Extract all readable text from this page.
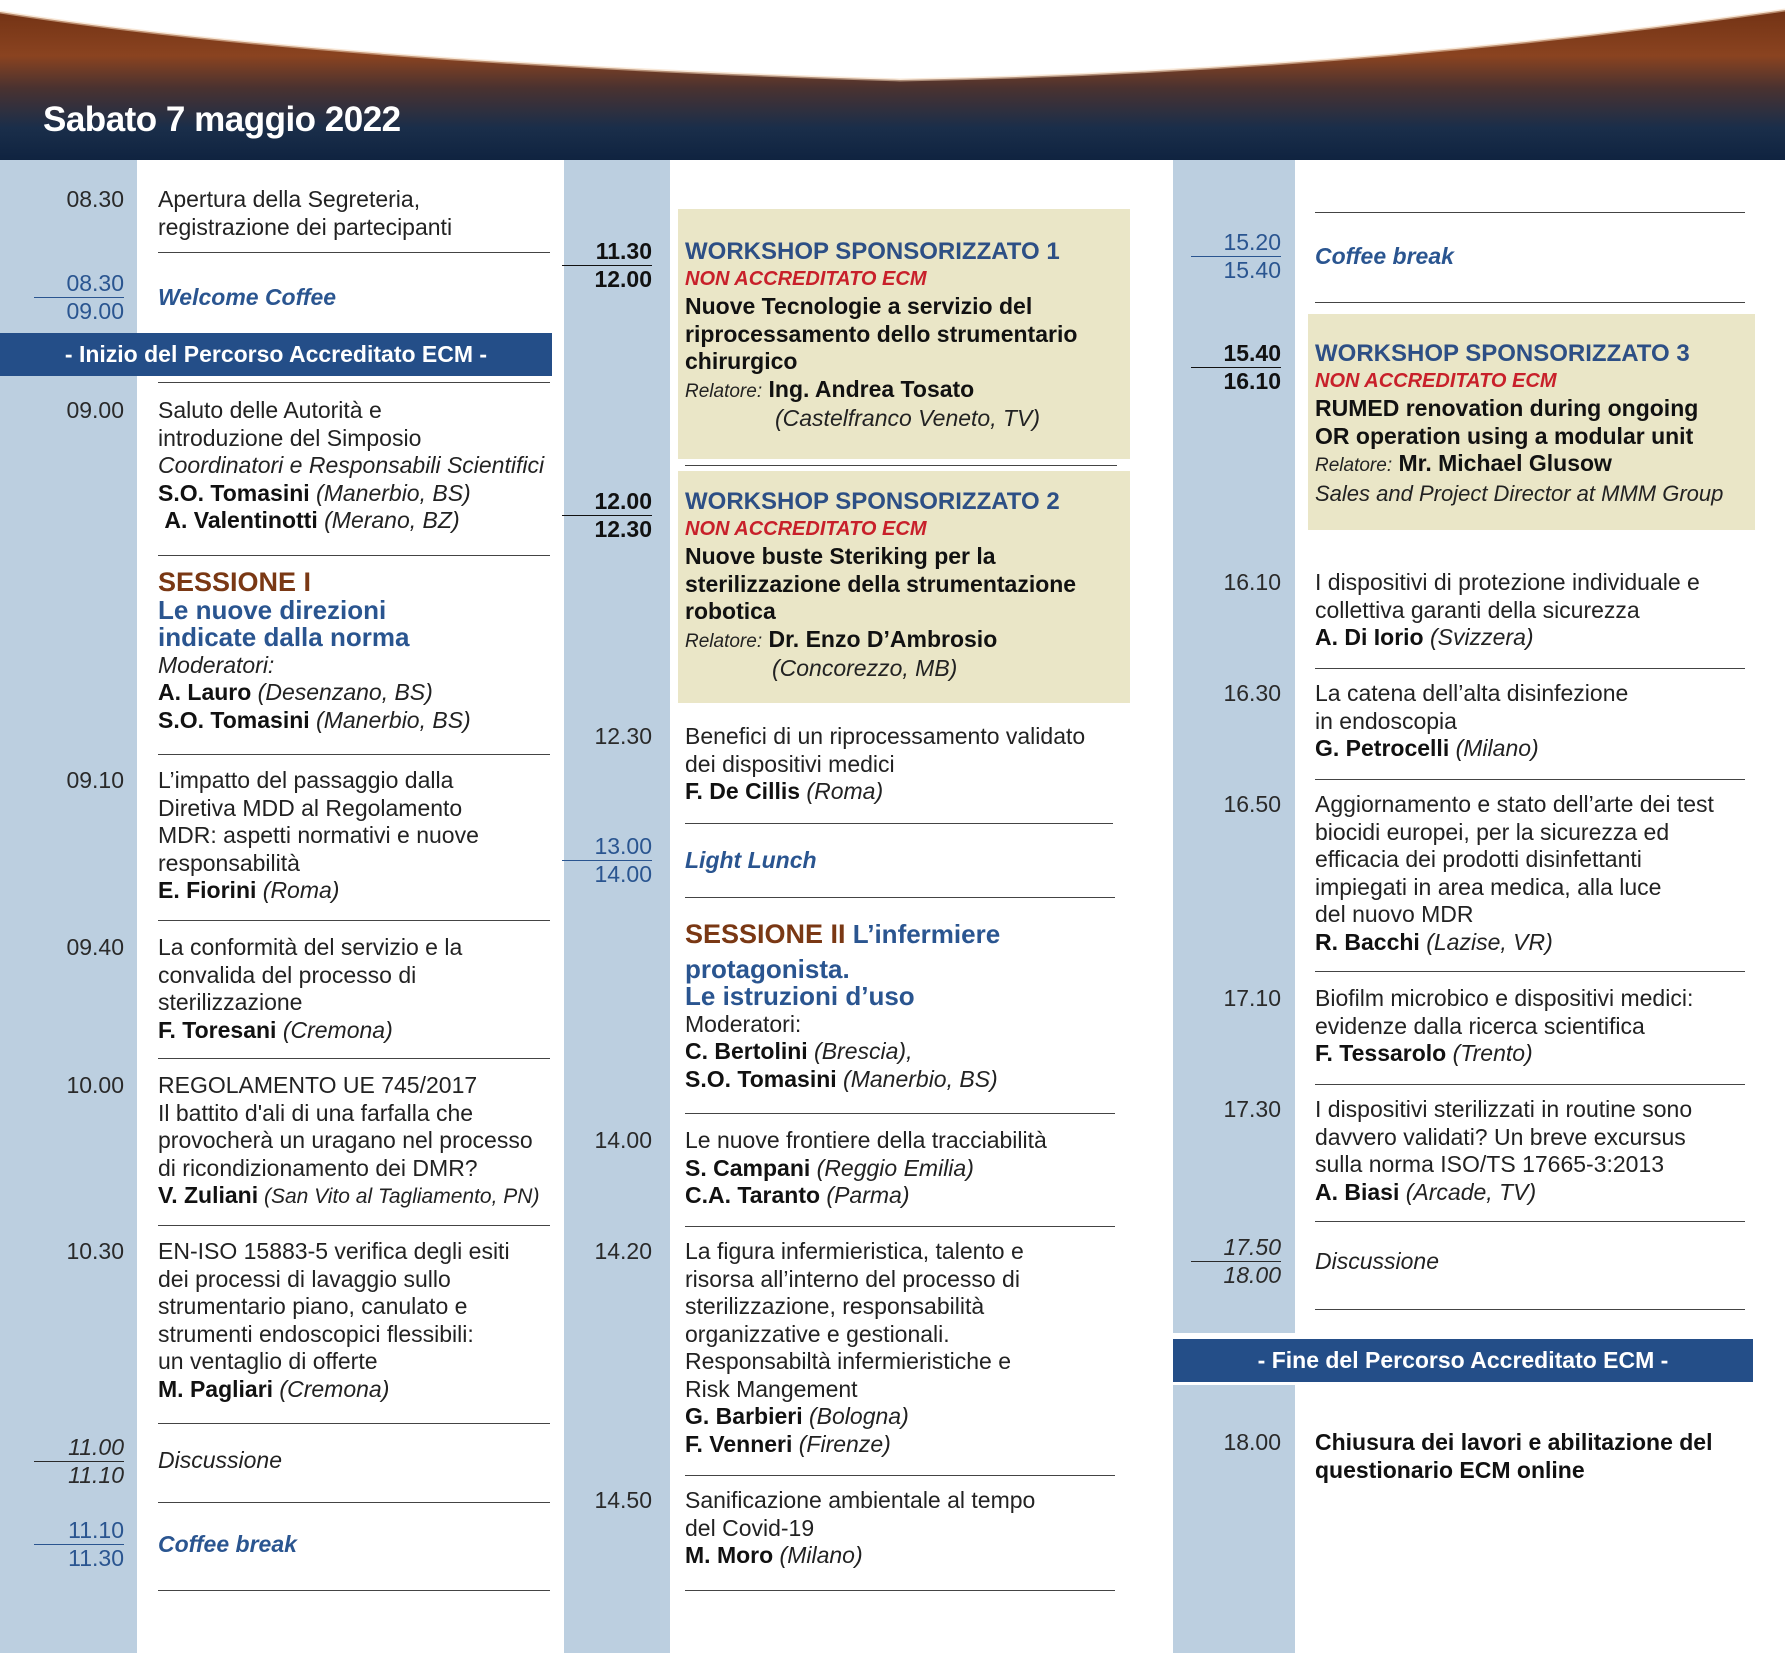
Sabato 7 maggio 2022
08.30 Apertura della Segreteria,
registrazione dei partecipanti
08.30
09.00
Welcome Coffee
- Inizio del Percorso Accreditato ECM -
09.00 Saluto delle Autorità e
introduzione del Simposio
Coordinatori e Responsabili Scientifici
S.O. Tomasini (Manerbio, BS)
A. Valentinotti (Merano, BZ)
SESSIONE I
Le nuove direzioni
indicate dalla norma
Moderatori:
A. Lauro (Desenzano, BS)
S.O. Tomasini (Manerbio, BS)
09.10 L’impatto del passaggio dalla
Diretiva MDD al Regolamento
MDR: aspetti normativi e nuove
responsabilità
E. Fiorini (Roma)
09.40 La conformità del servizio e la
convalida del processo di
sterilizzazione
F. Toresani (Cremona)
10.00 REGOLAMENTO UE 745/2017
Il battito d'ali di una farfalla che
provocherà un uragano nel processo
di ricondizionamento dei DMR?
V. Zuliani (San Vito al Tagliamento, PN)
10.30 EN-ISO 15883-5 verifica degli esiti
dei processi di lavaggio sullo
strumentario piano, canulato e
strumenti endoscopici flessibili:
un ventaglio di offerte
M. Pagliari (Cremona)
11.00
11.10
Discussione
11.10
11.30
Coffee break
11.30
12.00
WORKSHOP SPONSORIZZATO 1
NON ACCREDITATO ECM
Nuove Tecnologie a servizio del
riprocessamento dello strumentario
chirurgico
Relatore: Ing. Andrea Tosato
(Castelfranco Veneto, TV)
12.00
12.30
WORKSHOP SPONSORIZZATO 2
NON ACCREDITATO ECM
Nuove buste Steriking per la
sterilizzazione della strumentazione
robotica
Relatore: Dr. Enzo D’Ambrosio
(Concorezzo, MB)
12.30 Benefici di un riprocessamento validato
dei dispositivi medici
F. De Cillis (Roma)
13.00
14.00
Light Lunch
SESSIONE II L’infermiere
protagonista.
Le istruzioni d’uso
Moderatori:
C. Bertolini (Brescia),
S.O. Tomasini (Manerbio, BS)
14.00 Le nuove frontiere della tracciabilità
S. Campani (Reggio Emilia)
C.A. Taranto (Parma)
14.20 La figura infermieristica, talento e
risorsa all’interno del processo di
sterilizzazione, responsabilità
organizzative e gestionali.
Responsabiltà infermieristiche e
Risk Mangement
G. Barbieri (Bologna)
F. Venneri (Firenze)
14.50 Sanificazione ambientale al tempo
del Covid-19
M. Moro (Milano)
15.20
15.40
Coffee break
15.40
16.10
WORKSHOP SPONSORIZZATO 3
NON ACCREDITATO ECM
RUMED renovation during ongoing
OR operation using a modular unit
Relatore: Mr. Michael Glusow
Sales and Project Director at MMM Group
16.10 I dispositivi di protezione individuale e
collettiva garanti della sicurezza
A. Di Iorio (Svizzera)
16.30 La catena dell’alta disinfezione
in endoscopia
G. Petrocelli (Milano)
16.50 Aggiornamento e stato dell’arte dei test
biocidi europei, per la sicurezza ed
efficacia dei prodotti disinfettanti
impiegati in area medica, alla luce
del nuovo MDR
R. Bacchi (Lazise, VR)
17.10 Biofilm microbico e dispositivi medici:
evidenze dalla ricerca scientifica
F. Tessarolo (Trento)
17.30 I dispositivi sterilizzati in routine sono
davvero validati? Un breve excursus
sulla norma ISO/TS 17665-3:2013
A. Biasi (Arcade, TV)
17.50
18.00
Discussione
- Fine del Percorso Accreditato ECM -
18.00 Chiusura dei lavori e abilitazione del
questionario ECM online
